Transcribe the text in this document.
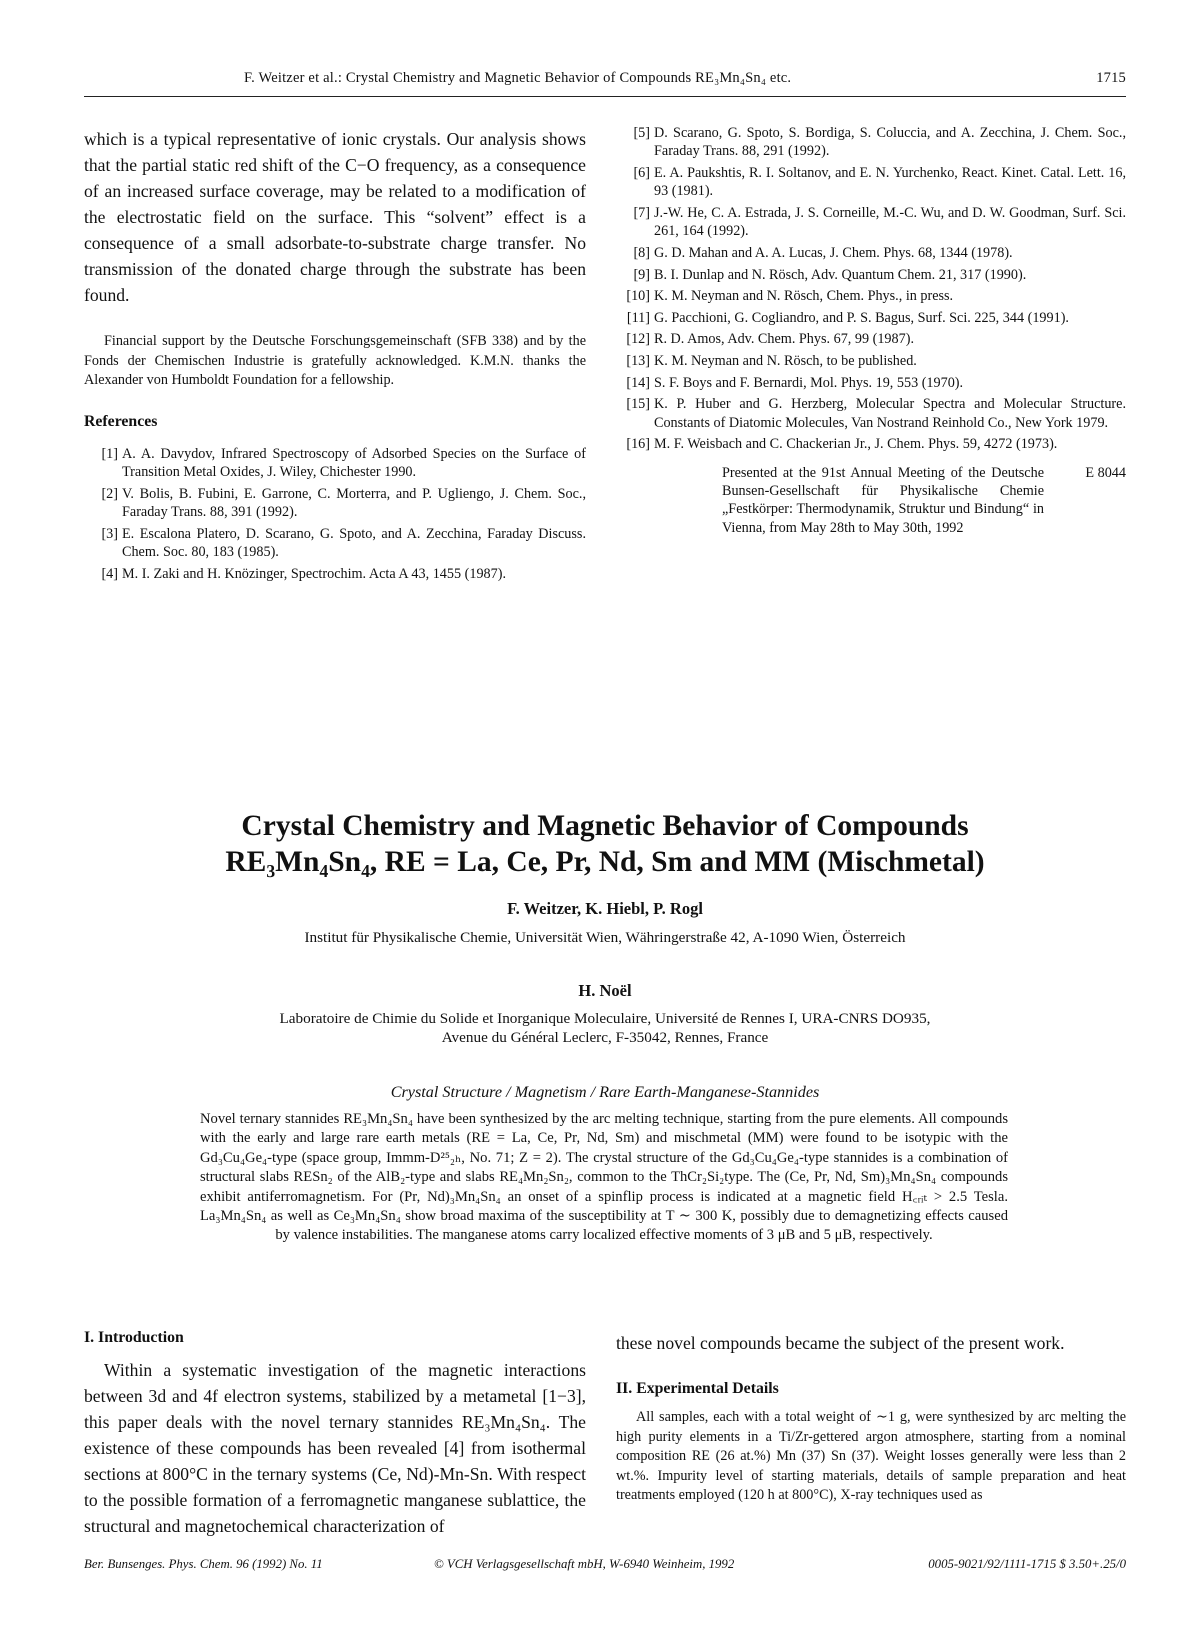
F. Weitzer et al.: Crystal Chemistry and Magnetic Behavior of Compounds RE₃Mn₄Sn₄ etc.	1715

which is a typical representative of ionic crystals. Our analysis shows that the partial static red shift of the C−O frequency, as a consequence of an increased surface coverage, may be related to a modification of the electrostatic field on the surface. This “solvent” effect is a consequence of a small adsorbate-to-substrate charge transfer. No transmission of the donated charge through the substrate has been found.

Financial support by the Deutsche Forschungsgemeinschaft (SFB 338) and by the Fonds der Chemischen Industrie is gratefully acknowledged. K.M.N. thanks the Alexander von Humboldt Foundation for a fellowship.

References
[1] A. A. Davydov, Infrared Spectroscopy of Adsorbed Species on the Surface of Transition Metal Oxides, J. Wiley, Chichester 1990.
[2] V. Bolis, B. Fubini, E. Garrone, C. Morterra, and P. Ugliengo, J. Chem. Soc., Faraday Trans. 88, 391 (1992).
[3] E. Escalona Platero, D. Scarano, G. Spoto, and A. Zecchina, Faraday Discuss. Chem. Soc. 80, 183 (1985).
[4] M. I. Zaki and H. Knözinger, Spectrochim. Acta A 43, 1455 (1987).
[5] D. Scarano, G. Spoto, S. Bordiga, S. Coluccia, and A. Zecchina, J. Chem. Soc., Faraday Trans. 88, 291 (1992).
[6] E. A. Paukshtis, R. I. Soltanov, and E. N. Yurchenko, React. Kinet. Catal. Lett. 16, 93 (1981).
[7] J.-W. He, C. A. Estrada, J. S. Corneille, M.-C. Wu, and D. W. Goodman, Surf. Sci. 261, 164 (1992).
[8] G. D. Mahan and A. A. Lucas, J. Chem. Phys. 68, 1344 (1978).
[9] B. I. Dunlap and N. Rösch, Adv. Quantum Chem. 21, 317 (1990).
[10] K. M. Neyman and N. Rösch, Chem. Phys., in press.
[11] G. Pacchioni, G. Cogliandro, and P. S. Bagus, Surf. Sci. 225, 344 (1991).
[12] R. D. Amos, Adv. Chem. Phys. 67, 99 (1987).
[13] K. M. Neyman and N. Rösch, to be published.
[14] S. F. Boys and F. Bernardi, Mol. Phys. 19, 553 (1970).
[15] K. P. Huber and G. Herzberg, Molecular Spectra and Molecular Structure. Constants of Diatomic Molecules, Van Nostrand Reinhold Co., New York 1979.
[16] M. F. Weisbach and C. Chackerian Jr., J. Chem. Phys. 59, 4272 (1973).
Presented at the 91st Annual Meeting of the Deutsche Bunsen-Gesellschaft für Physikalische Chemie „Festkörper: Thermodynamik, Struktur und Bindung“ in Vienna, from May 28th to May 30th, 1992
E 8044
Crystal Chemistry and Magnetic Behavior of Compounds
RE₃Mn₄Sn₄, RE = La, Ce, Pr, Nd, Sm and MM (Mischmetal)
F. Weitzer, K. Hiebl, P. Rogl
Institut für Physikalische Chemie, Universität Wien, Währingerstraße 42, A-1090 Wien, Österreich
H. Noël
Laboratoire de Chimie du Solide et Inorganique Moleculaire, Université de Rennes I, URA-CNRS DO935,
Avenue du Général Leclerc, F-35042, Rennes, France
Crystal Structure / Magnetism / Rare Earth-Manganese-Stannides

Novel ternary stannides RE₃Mn₄Sn₄ have been synthesized by the arc melting technique, starting from the pure elements. All compounds with the early and large rare earth metals (RE = La, Ce, Pr, Nd, Sm) and mischmetal (MM) were found to be isotypic with the Gd₃Cu₄Ge₄-type (space group, Immm-D²⁵₂ₕ, No. 71; Z = 2). The crystal structure of the Gd₃Cu₄Ge₄-type stannides is a combination of structural slabs RESn₂ of the AlB₂-type and slabs RE₄Mn₂Sn₂, common to the ThCr₂Si₂type. The (Ce, Pr, Nd, Sm)₃Mn₄Sn₄ compounds exhibit antiferromagnetism. For (Pr, Nd)₃Mn₄Sn₄ an onset of a spinflip process is indicated at a magnetic field H꜀ᵣᵢₜ > 2.5 Tesla. La₃Mn₄Sn₄ as well as Ce₃Mn₄Sn₄ show broad maxima of the susceptibility at T ∼ 300 K, possibly due to demagnetizing effects caused by valence instabilities. The manganese atoms carry localized effective moments of 3 μB and 5 μB, respectively.

I. Introduction

Within a systematic investigation of the magnetic interactions between 3d and 4f electron systems, stabilized by a metametal [1−3], this paper deals with the novel ternary stannides RE₃Mn₄Sn₄. The existence of these compounds has been revealed [4] from isothermal sections at 800°C in the ternary systems (Ce, Nd)-Mn-Sn. With respect to the possible formation of a ferromagnetic manganese sublattice, the structural and magnetochemical characterization of

these novel compounds became the subject of the present work.

II. Experimental Details

All samples, each with a total weight of ∼1 g, were synthesized by arc melting the high purity elements in a Ti/Zr-gettered argon atmosphere, starting from a nominal composition RE (26 at.%) Mn (37) Sn (37). Weight losses generally were less than 2 wt.%. Impurity level of starting materials, details of sample preparation and heat treatments employed (120 h at 800°C), X-ray techniques used as

Ber. Bunsenges. Phys. Chem. 96 (1992) No. 11	© VCH Verlagsgesellschaft mbH, W-6940 Weinheim, 1992	0005-9021/92/1111-1715 $ 3.50+.25/0
